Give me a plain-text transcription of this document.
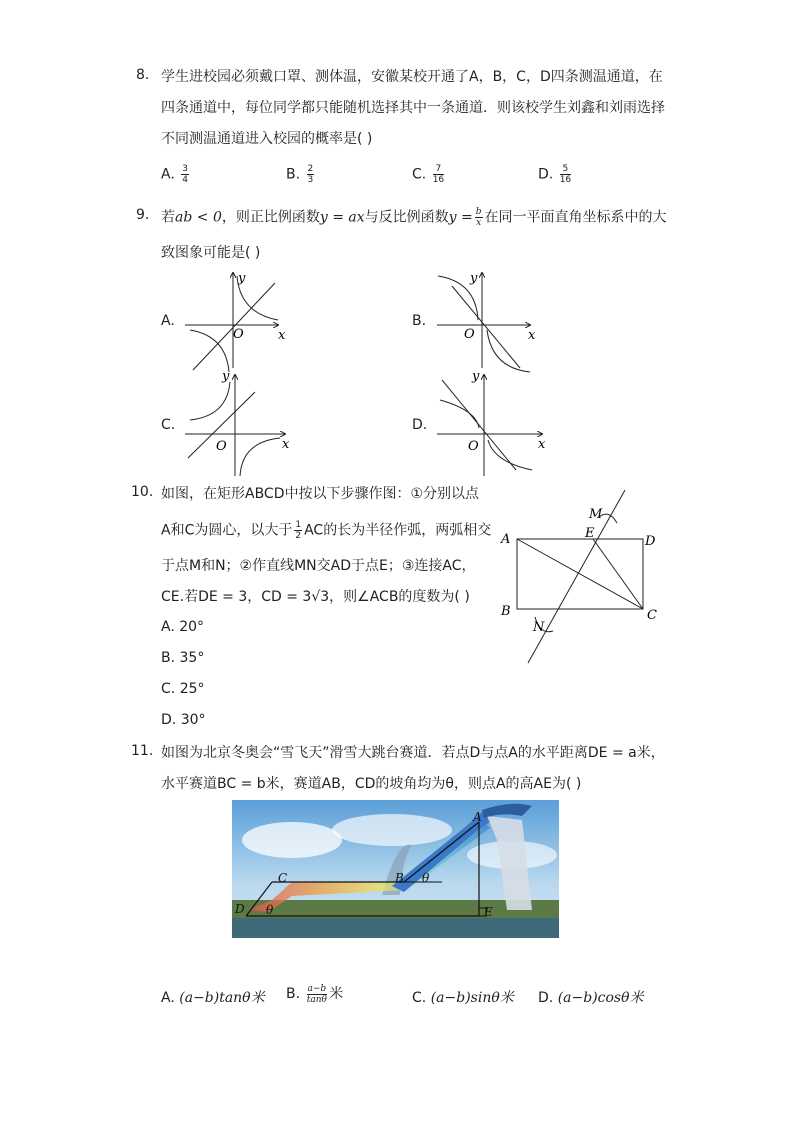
8. 学生进校园必须戴口罩、测体温，安徽某校开通了A，B，C，D四条测温通道，在
四条通道中，每位同学都只能随机选择其中一条通道．则该校学生刘鑫和刘雨选择
不同测温通道进入校园的概率是( )
A. $\frac{3}{4}$	B. $\frac{2}{3}$	C. $\frac{7}{16}$	D. $\frac{5}{16}$
9. 若ab < 0，则正比例函数y = ax与反比例函数$y = \frac{b}{x}$ 在同一平面直角坐标系中的大
致图象可能是( )
A.
x
y
O
B.
x
y
O
C.
x
y
O
D.
x
y
O
10. 如图，在矩形ABCD中按以下步骤作图：①分别以点
A和C为圆心，以大于 $\frac{1}{2}$ AC的长为半径作弧，两弧相交
于点M和N；②作直线MN交AD于点E；③连接AC，
CE.若DE = 3，CD = 3√3，则∠ACB的度数为( )
A. 20°
B. 35°
C. 25°
D. 30°
A
B	C
D
E
M
N
11. 如图为北京冬奥会“雪飞天”滑雪大跳台赛道．若点D与点A的水平距离DE = a米，
水平赛道BC = b米，赛道AB，CD的坡角均为θ，则点A的高AE为( )
A
B
C
D	E
θ
θ
A. (a−b)tanθ米 B. $\frac{a-b}{\tan\theta}$ 米	C. (a−b)sinθ米 D. (a−b)cosθ米
